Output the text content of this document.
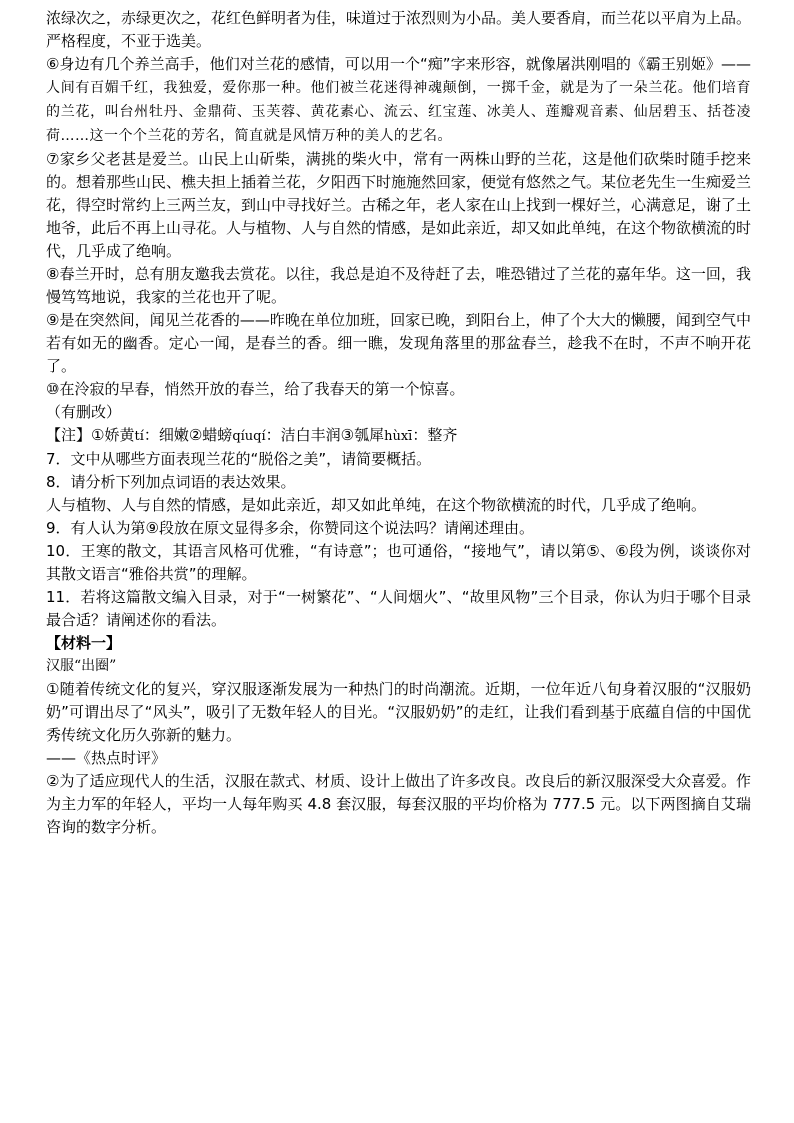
浓绿次之，赤绿更次之，花红色鲜明者为佳，味道过于浓烈则为小品。美人要香肩，而兰花以平肩为上品。严格程度，不亚于选美。

⑥身边有几个养兰高手，他们对兰花的感情，可以用一个“痴”字来形容，就像屠洪刚唱的《霸王别姬》——人间有百媚千红，我独爱，爱你那一种。他们被兰花迷得神魂颠倒，一掷千金，就是为了一朵兰花。他们培育的兰花，叫台州牡丹、金鼎荷、玉芙蓉、黄花素心、流云、红宝莲、冰美人、莲瓣观音素、仙居碧玉、括苍凌荷……这一个个兰花的芳名，简直就是风情万种的美人的艺名。

⑦家乡父老甚是爱兰。山民上山斫柴，满挑的柴火中，常有一两株山野的兰花，这是他们砍柴时随手挖来的。想着那些山民、樵夫担上插着兰花，夕阳西下时施施然回家，便觉有悠然之气。某位老先生一生痴爱兰花，得空时常约上三两兰友，到山中寻找好兰。古稀之年，老人家在山上找到一棵好兰，心满意足，谢了土地爷，此后不再上山寻花。人与植物、人与自然的情感，是如此亲近，却又如此单纯，在这个物欲横流的时代，几乎成了绝响。

⑧春兰开时，总有朋友邀我去赏花。以往，我总是迫不及待赶了去，唯恐错过了兰花的嘉年华。这一回，我慢笃笃地说，我家的兰花也开了呢。

⑨是在突然间，闻见兰花香的——昨晚在单位加班，回家已晚，到阳台上，伸了个大大的懒腰，闻到空气中若有如无的幽香。定心一闻，是春兰的香。细一瞧，发现角落里的那盆春兰，趁我不在时，不声不响开花了。

⑩在泠寂的早春，悄然开放的春兰，给了我春天的第一个惊喜。

（有删改）

【注】①娇黄tí：细嫩②蜡螃qíuqí：洁白丰润③瓠犀hùxī：整齐

7．文中从哪些方面表现兰花的“脱俗之美”，请简要概括。

8．请分析下列加点词语的表达效果。

人与植物、人与自然的情感，是如此亲近，却又如此单纯，在这个物欲横流的时代，几乎成了绝响。

9．有人认为第⑨段放在原文显得多余，你赞同这个说法吗？请阐述理由。

10．王寒的散文，其语言风格可优雅，“有诗意”；也可通俗，“接地气”，请以第⑤、⑥段为例，谈谈你对其散文语言“雅俗共赏”的理解。

11．若将这篇散文编入目录，对于“一树繁花”、“人间烟火”、“故里风物”三个目录，你认为归于哪个目录最合适？请阐述你的看法。

【材料一】

汉服“出圈”

①随着传统文化的复兴，穿汉服逐渐发展为一种热门的时尚潮流。近期，一位年近八旬身着汉服的“汉服奶奶”可谓出尽了“风头”，吸引了无数年轻人的目光。“汉服奶奶”的走红，让我们看到基于底蕴自信的中国优秀传统文化历久弥新的魅力。

——《热点时评》

②为了适应现代人的生活，汉服在款式、材质、设计上做出了许多改良。改良后的新汉服深受大众喜爱。作为主力军的年轻人，平均一人每年购买 4.8 套汉服，每套汉服的平均价格为 777.5 元。以下两图摘自艾瑞咨询的数字分析。
